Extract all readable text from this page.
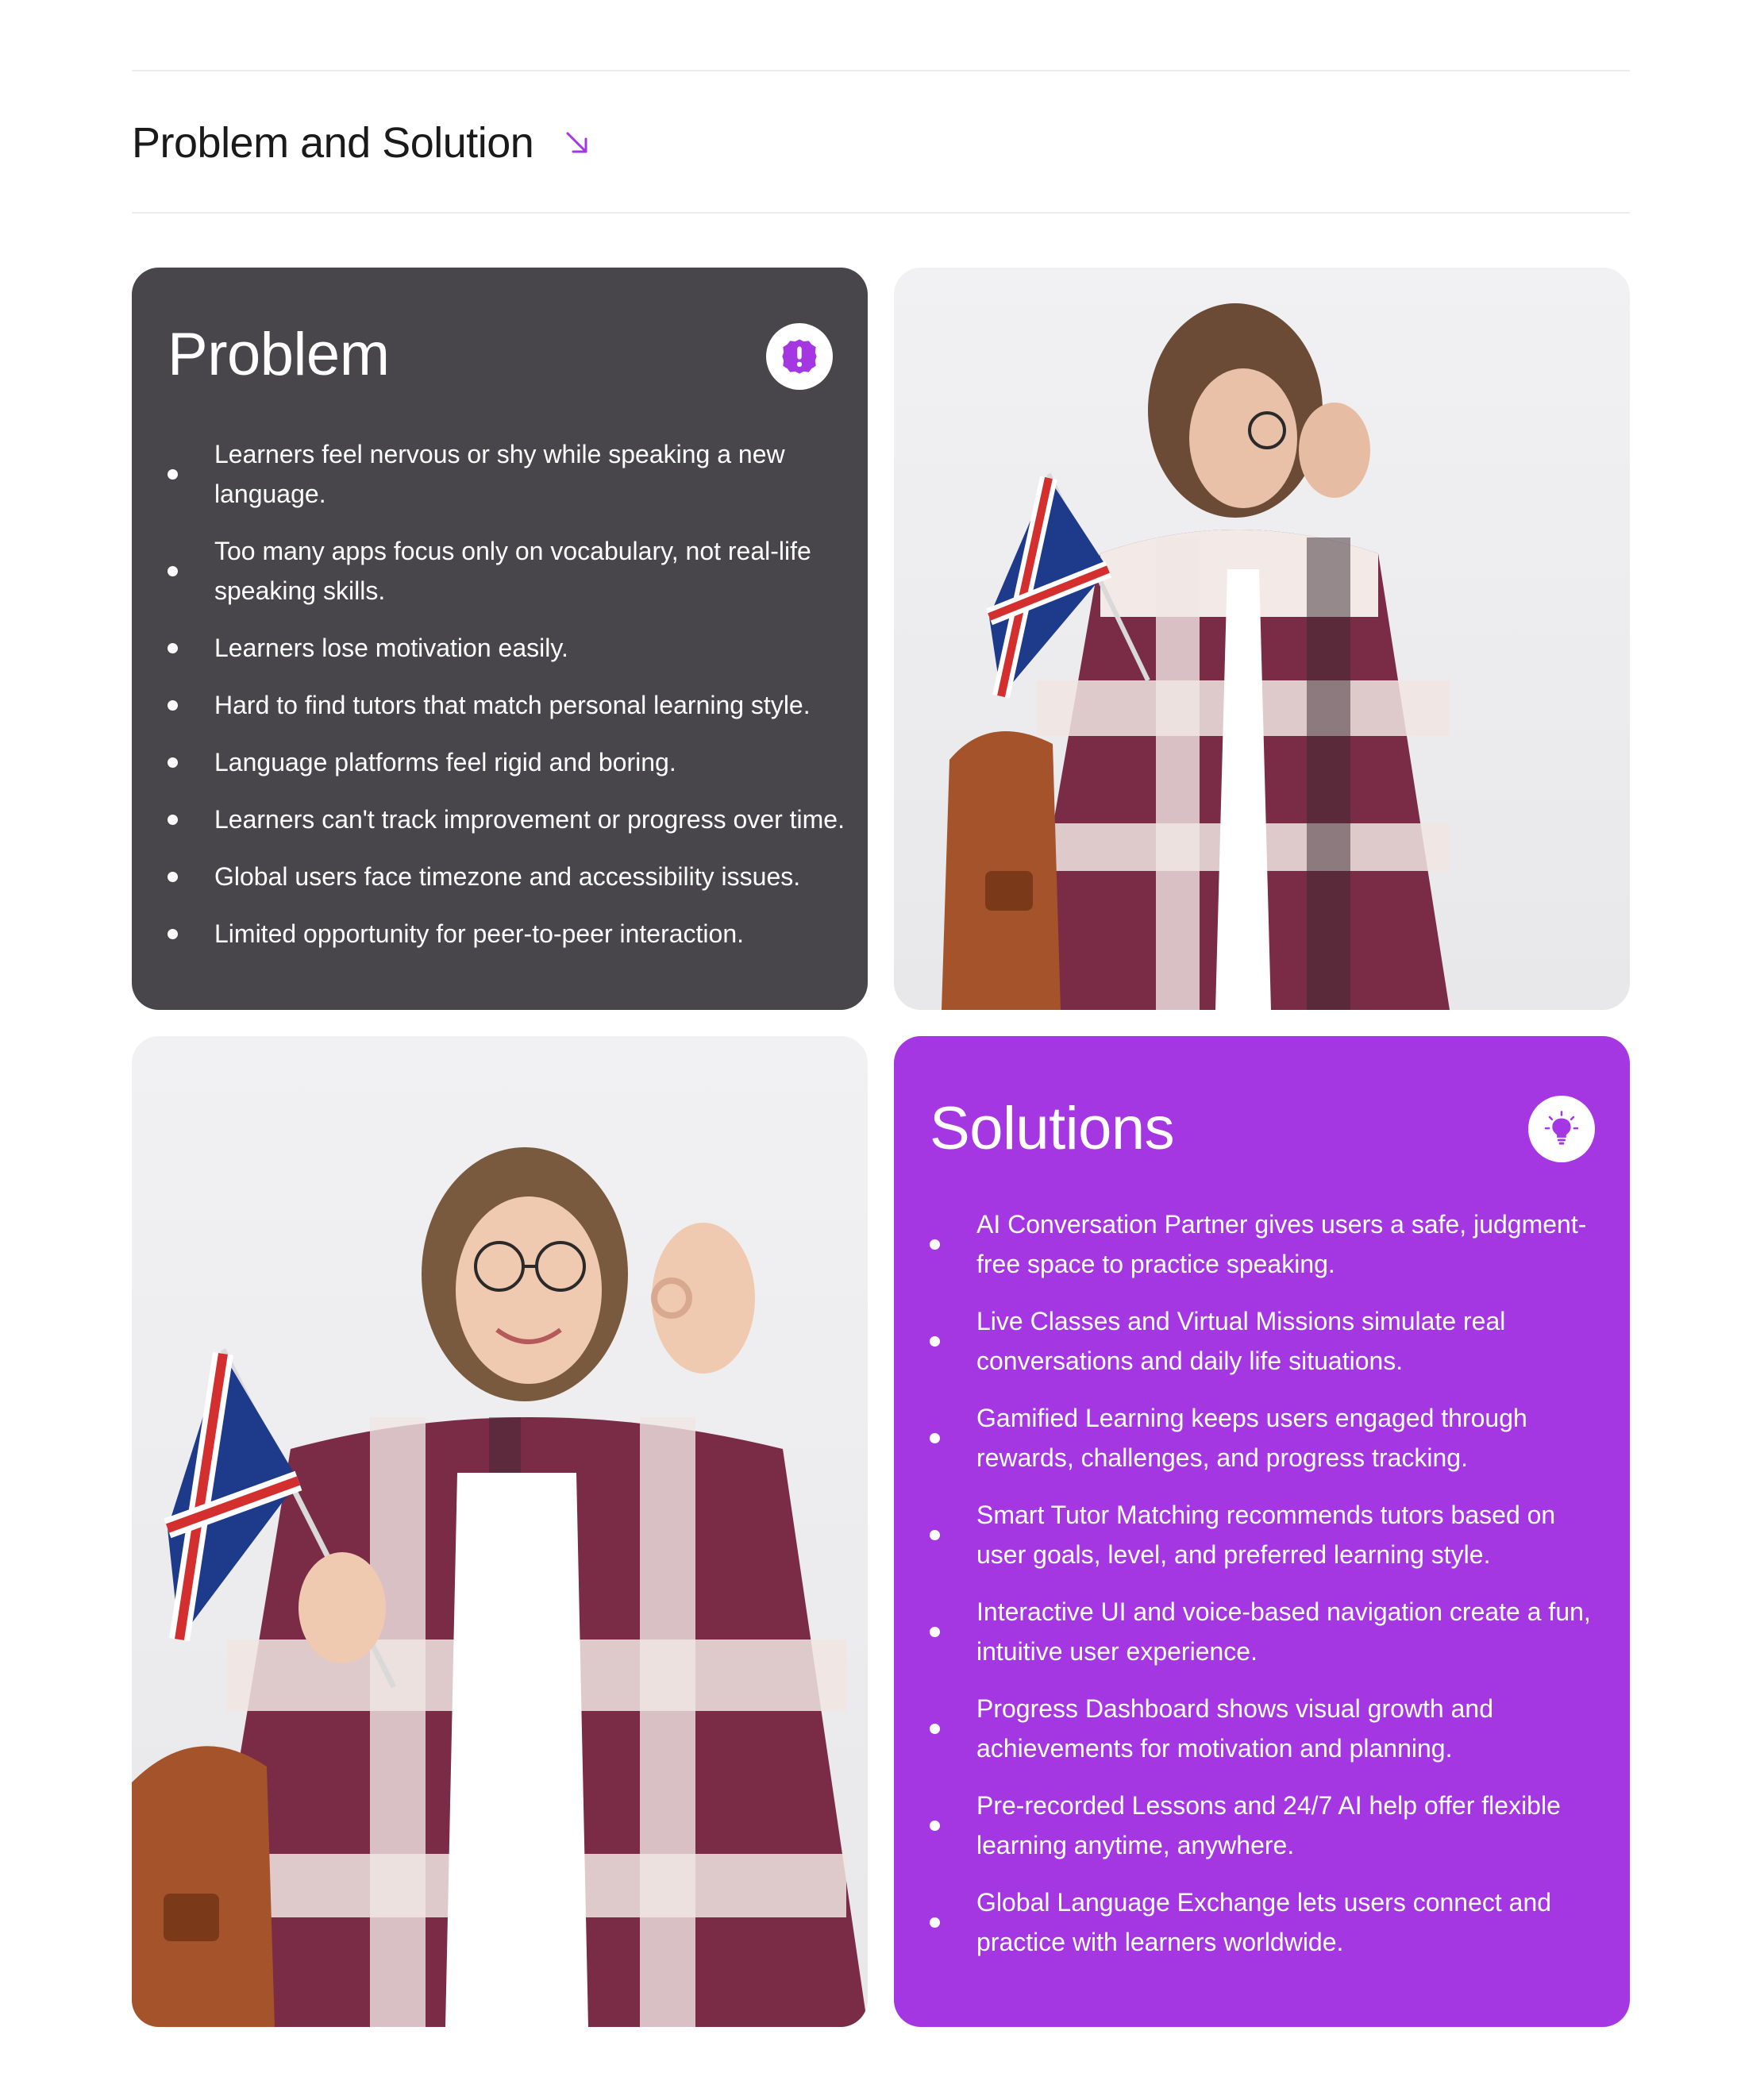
Problem and Solution
Problem
Learners feel nervous or shy while speaking a new language.
Too many apps focus only on vocabulary, not real-life speaking skills.
Learners lose motivation easily.
Hard to find tutors that match personal learning style.
Language platforms feel rigid and boring.
Learners can't track improvement or progress over time.
Global users face timezone and accessibility issues.
Limited opportunity for peer-to-peer interaction.
Solutions
AI Conversation Partner gives users a safe, judgment-free space to practice speaking.
Live Classes and Virtual Missions simulate real conversations and daily life situations.
Gamified Learning keeps users engaged through rewards, challenges, and progress tracking.
Smart Tutor Matching recommends tutors based on user goals, level, and preferred learning style.
Interactive UI and voice-based navigation create a fun, intuitive user experience.
Progress Dashboard shows visual growth and achievements for motivation and planning.
Pre-recorded Lessons and 24/7 AI help offer flexible learning anytime, anywhere.
Global Language Exchange lets users connect and practice with learners worldwide.
